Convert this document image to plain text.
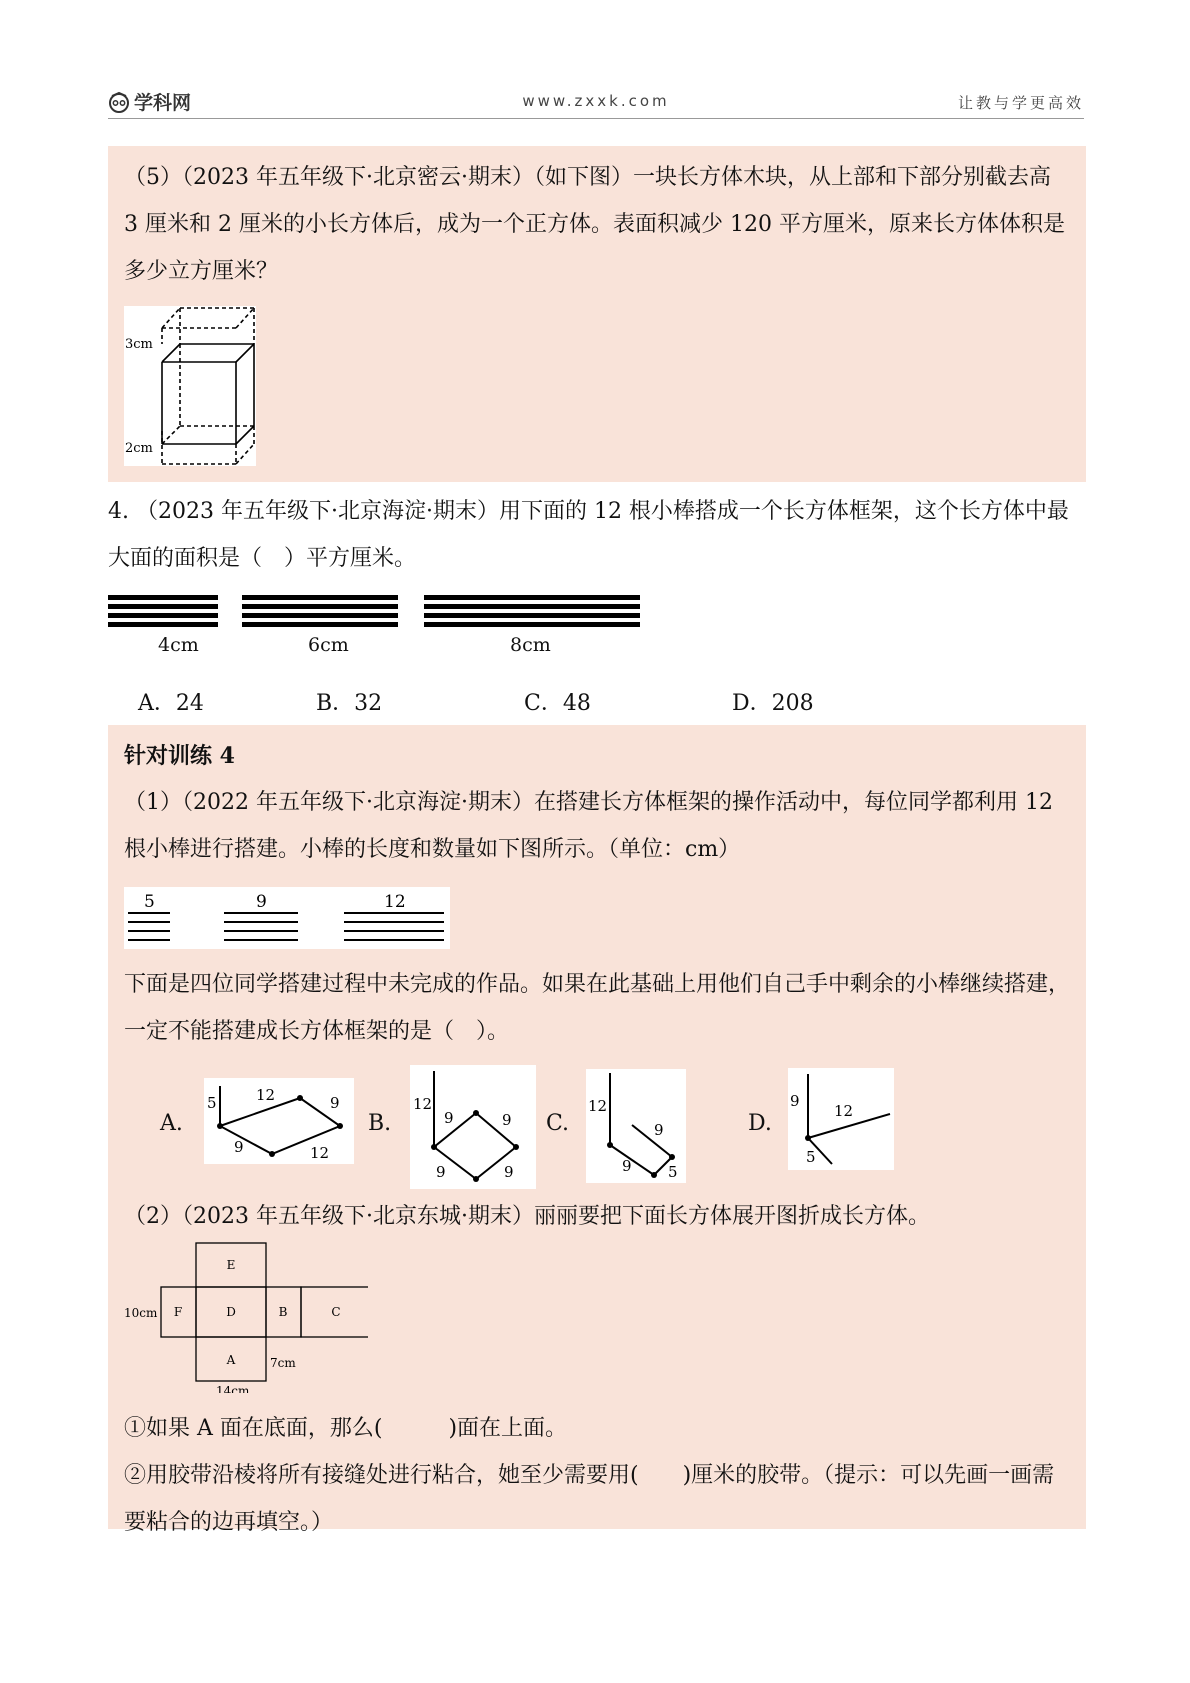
学科网	www.zxxk.com	让教与学更高效
（5）（2023 年五年级下·北京密云·期末）（如下图）一块长方体木块，从上部和下部分别截去高 3 厘米和 2 厘米的小长方体后，成为一个正方体。表面积减少 120 平方厘米，原来长方体体积是多少立方厘米？
3cm
2cm
4. （2023 年五年级下·北京海淀·期末）用下面的 12 根小棒搭成一个长方体框架，这个长方体中最大面的面积是（　）平方厘米。
4cm	6cm	8cm
A．24	B．32	C．48	D．208
针对训练 4
（1）（2022 年五年级下·北京海淀·期末）在搭建长方体框架的操作活动中，每位同学都利用 12 根小棒进行搭建。小棒的长度和数量如下图所示。（单位：cm）
5	9	12
下面是四位同学搭建过程中未完成的作品。如果在此基础上用他们自己手中剩余的小棒继续搭建，一定不能搭建成长方体框架的是（　）。
A.
5	12	9
9	12
B.
12
9	9
9	9
C.
12
9
9 5
D.
9
12
5
（2）（2023 年五年级下·北京东城·期末）丽丽要把下面长方体展开图折成长方体。
E
F	D	B	C
A
10cm
7cm
14cm
①如果 A 面在底面，那么(　　　)面在上面。
②用胶带沿棱将所有接缝处进行粘合，她至少需要用(　　)厘米的胶带。（提示：可以先画一画需要粘合的边再填空。）
